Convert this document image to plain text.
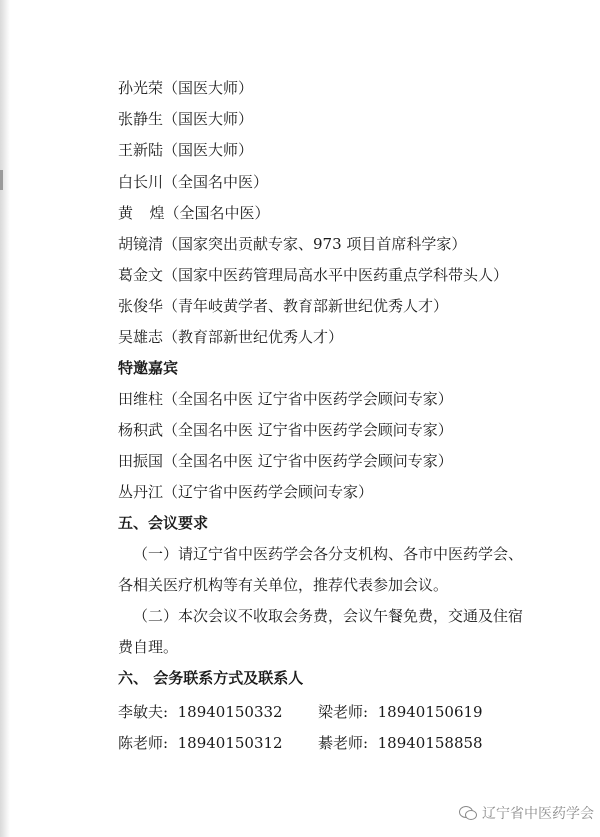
孙光荣（国医大师）
张静生（国医大师）
王新陆（国医大师）
白长川（全国名中医）
黄煌（全国名中医）
胡镜清（国家突出贡献专家、973 项目首席科学家）
葛金文（国家中医药管理局高水平中医药重点学科带头人）
张俊华（青年岐黄学者、教育部新世纪优秀人才）
吴雄志（教育部新世纪优秀人才）
特邀嘉宾
田维柱（全国名中医 辽宁省中医药学会顾问专家）
杨积武（全国名中医 辽宁省中医药学会顾问专家）
田振国（全国名中医 辽宁省中医药学会顾问专家）
丛丹江（辽宁省中医药学会顾问专家）
五、会议要求
（一）请辽宁省中医药学会各分支机构、各市中医药学会、
各相关医疗机构等有关单位，推荐代表参加会议。
（二）本次会议不收取会务费，会议午餐免费，交通及住宿
费自理。
六、 会务联系方式及联系人
李敏夫: 18940150332 梁老师: 18940150619
陈老师: 18940150312 綦老师: 18940158858
辽宁省中医药学会
